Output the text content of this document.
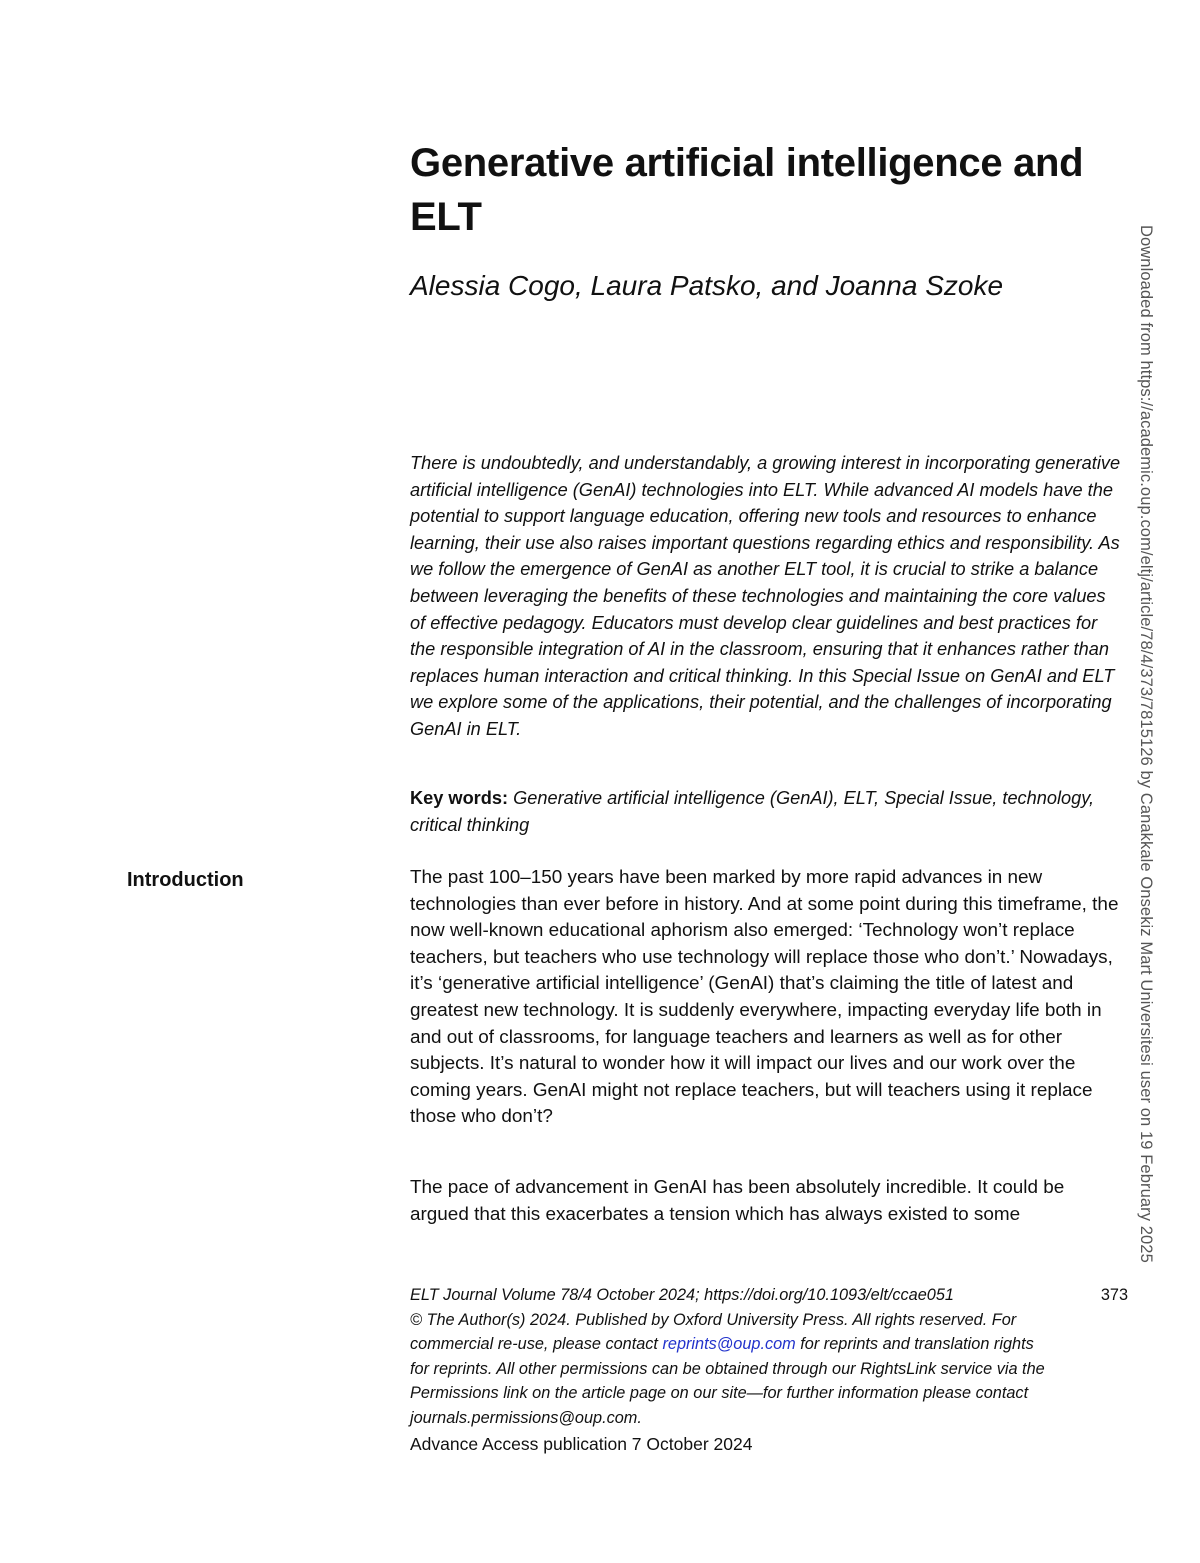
Generative artificial intelligence and ELT
Alessia Cogo, Laura Patsko, and Joanna Szoke

There is undoubtedly, and understandably, a growing interest in incorporating generative artificial intelligence (GenAI) technologies into ELT. While advanced AI models have the potential to support language education, offering new tools and resources to enhance learning, their use also raises important questions regarding ethics and responsibility. As we follow the emergence of GenAI as another ELT tool, it is crucial to strike a balance between leveraging the benefits of these technologies and maintaining the core values of effective pedagogy. Educators must develop clear guidelines and best practices for the responsible integration of AI in the classroom, ensuring that it enhances rather than replaces human interaction and critical thinking. In this Special Issue on GenAI and ELT we explore some of the applications, their potential, and the challenges of incorporating GenAI in ELT.

Key words: Generative artificial intelligence (GenAI), ELT, Special Issue, technology, critical thinking

Introduction	The past 100–150 years have been marked by more rapid advances in new technologies than ever before in history. And at some point during this timeframe, the now well-known educational aphorism also emerged: ‘Technology won’t replace teachers, but teachers who use technology will replace those who don’t.’ Nowadays, it’s ‘generative artificial intelligence’ (GenAI) that’s claiming the title of latest and greatest new technology. It is suddenly everywhere, impacting everyday life both in and out of classrooms, for language teachers and learners as well as for other subjects. It’s natural to wonder how it will impact our lives and our work over the coming years. GenAI might not replace teachers, but will teachers using it replace those who don’t?

The pace of advancement in GenAI has been absolutely incredible. It could be argued that this exacerbates a tension which has always existed to some

ELT Journal Volume 78/4 October 2024; https://doi.org/10.1093/elt/ccae051	373
© The Author(s) 2024. Published by Oxford University Press. All rights reserved. For
commercial re-use, please contact reprints@oup.com for reprints and translation rights
for reprints. All other permissions can be obtained through our RightsLink service via the
Permissions link on the article page on our site—for further information please contact
journals.permissions@oup.com.
Advance Access publication 7 October 2024
Downloaded from https://academic.oup.com/eltj/article/78/4/373/7815126 by Canakkale Onsekiz Mart Universitesi user on 19 February 2025
